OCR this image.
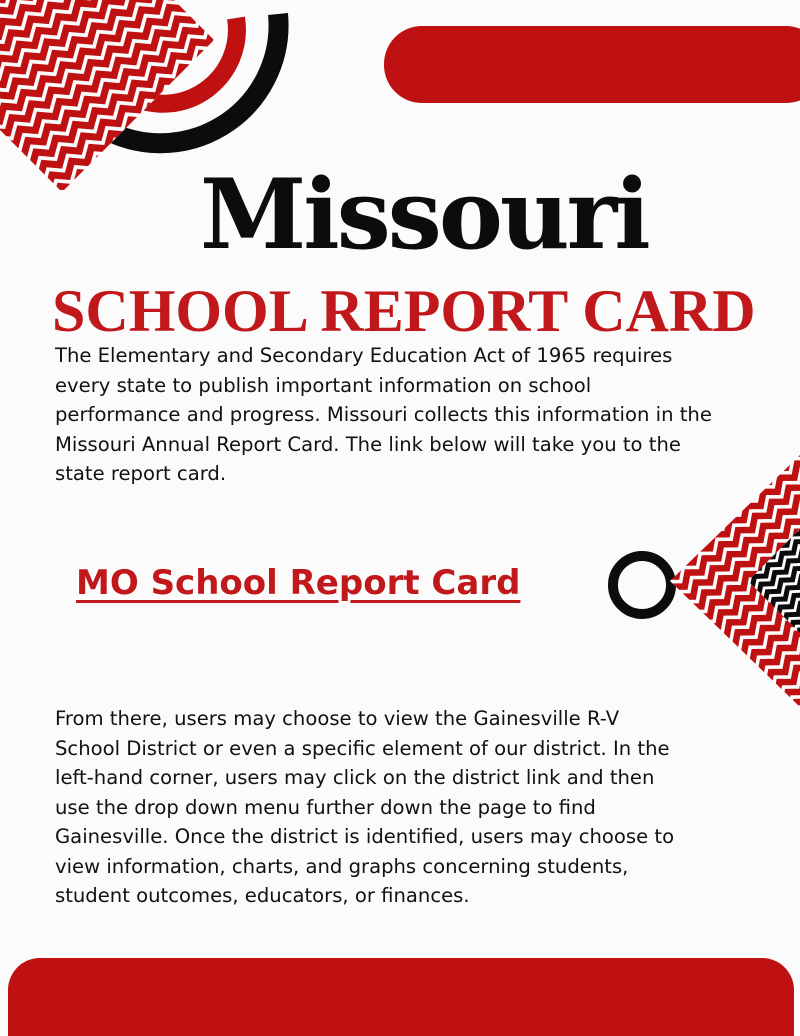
Missouri
SCHOOL REPORT CARD

The Elementary and Secondary Education Act of 1965 requires every state to publish important information on school performance and progress. Missouri collects this information in the Missouri Annual Report Card. The link below will take you to the state report card.

MO School Report Card

From there, users may choose to view the Gainesville R-V School District or even a specific element of our district. In the left-hand corner, users may click on the district link and then use the drop down menu further down the page to find Gainesville. Once the district is identified, users may choose to view information, charts, and graphs concerning students, student outcomes, educators, or finances.
